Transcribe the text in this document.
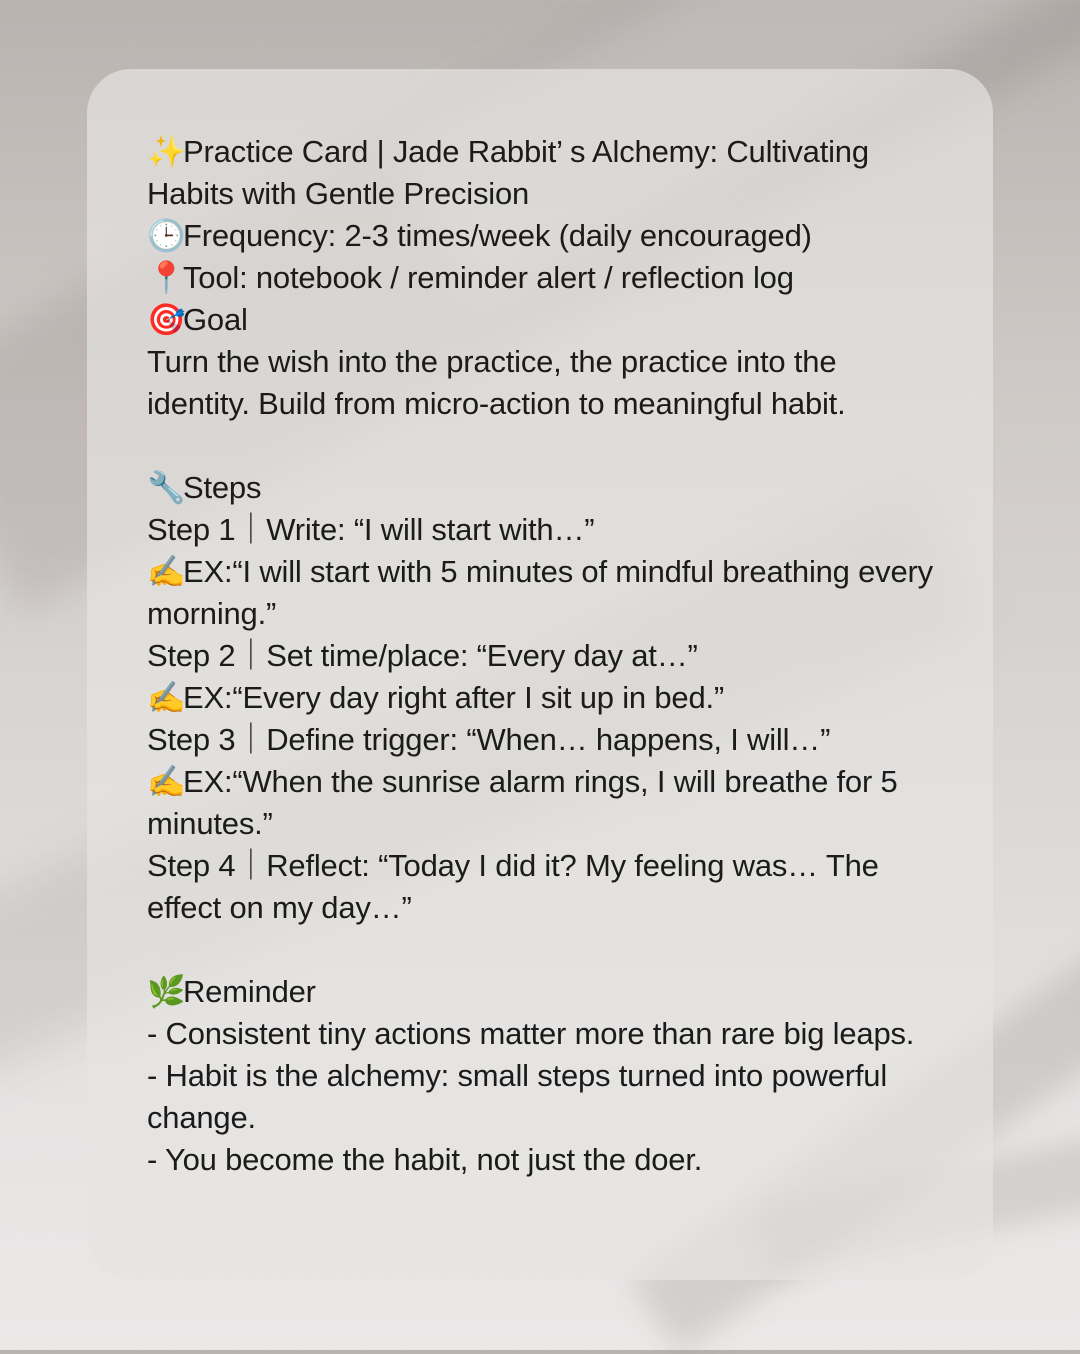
✨Practice Card | Jade Rabbit’ s Alchemy: Cultivating Habits with Gentle Precision
🕒Frequency: 2-3 times/week (daily encouraged)
📍Tool: notebook / reminder alert / reflection log
🎯Goal
Turn the wish into the practice, the practice into the identity. Build from micro-action to meaningful habit.
🔧Steps
Step 1｜Write: “I will start with…”
✍️EX:“I will start with 5 minutes of mindful breathing every morning.”
Step 2｜Set time/place: “Every day at…”
✍️EX:“Every day right after I sit up in bed.”
Step 3｜Define trigger: “When… happens, I will…”
✍️EX:“When the sunrise alarm rings, I will breathe for 5 minutes.”
Step 4｜Reflect: “Today I did it? My feeling was… The effect on my day…”
🌿Reminder
- Consistent tiny actions matter more than rare big leaps.
- Habit is the alchemy: small steps turned into powerful change.
- You become the habit, not just the doer.
